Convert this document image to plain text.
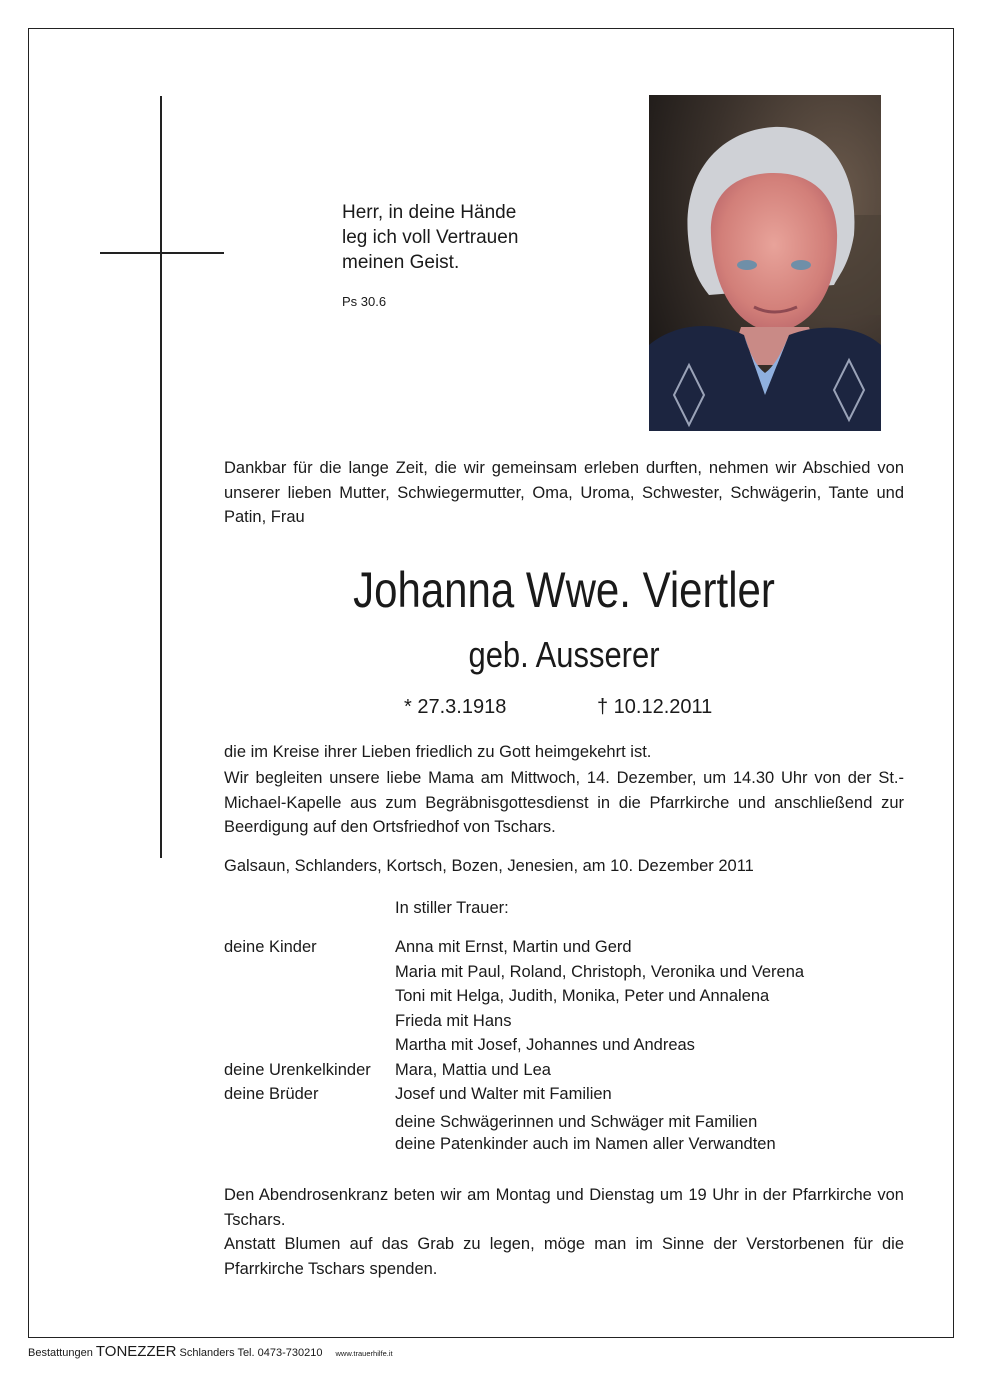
Herr, in deine Hände
leg ich voll Vertrauen
meinen Geist.
Ps 30.6
Dankbar für die lange Zeit, die wir gemeinsam erleben durften, nehmen wir Abschied von unserer lieben Mutter, Schwiegermutter, Oma, Uroma, Schwester, Schwägerin, Tante und Patin, Frau
Johanna Wwe. Viertler
geb. Ausserer
* 27.3.1918	† 10.12.2011
die im Kreise ihrer Lieben friedlich zu Gott heimgekehrt ist.
Wir begleiten unsere liebe Mama am Mittwoch, 14. Dezember, um 14.30 Uhr von der St.-Michael-Kapelle aus zum Begräbnisgottesdienst in die Pfarrkirche und anschließend zur Beerdigung auf den Ortsfriedhof von Tschars.
Galsaun, Schlanders, Kortsch, Bozen, Jenesien, am 10. Dezember 2011
In stiller Trauer:
deine Kinder	Anna mit Ernst, Martin und Gerd
Maria mit Paul, Roland, Christoph, Veronika und Verena
Toni mit Helga, Judith, Monika, Peter und Annalena
Frieda mit Hans
Martha mit Josef, Johannes und Andreas
deine Urenkelkinder Mara, Mattia und Lea
deine Brüder	Josef und Walter mit Familien
deine Schwägerinnen und Schwäger mit Familien
deine Patenkinder auch im Namen aller Verwandten
Den Abendrosenkranz beten wir am Montag und Dienstag um 19 Uhr in der Pfarrkirche von Tschars.
Anstatt Blumen auf das Grab zu legen, möge man im Sinne der Verstorbenen für die Pfarrkirche Tschars spenden.
Bestattungen TONEZZER Schlanders Tel. 0473-730210 www.trauerhilfe.it
